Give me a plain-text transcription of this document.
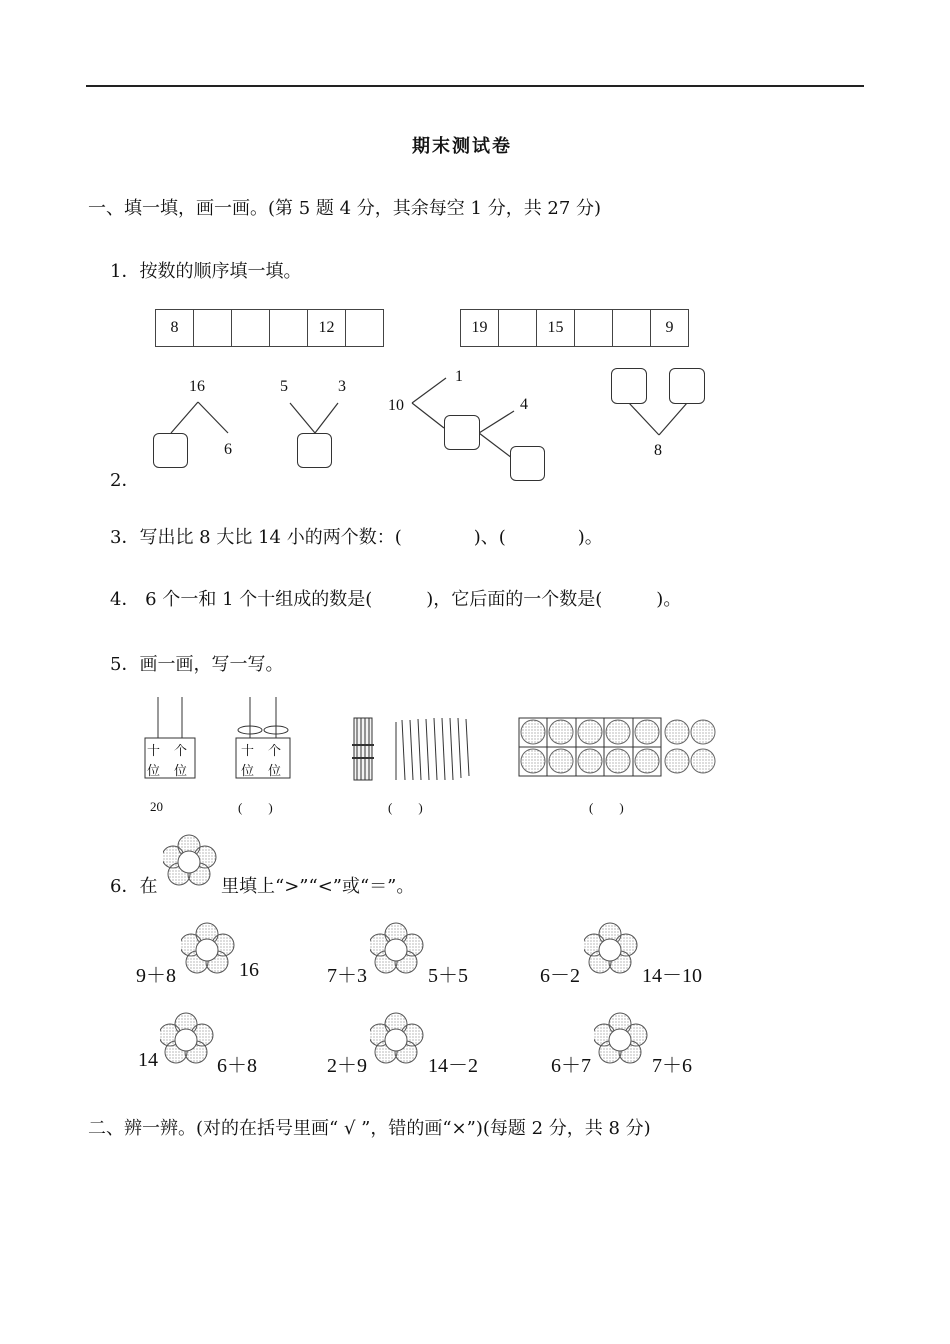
期末测试卷
一、填一填，画一画。(第 5 题 4 分，其余每空 1 分，共 27 分)
1．按数的顺序填一填。
8	12	19	15	9
2．
16
6
5	3
1
10	4
8
3．写出比 8 大比 14 小的两个数：(　　　　)、(　　　　)。
4． 6 个一和 1 个十组成的数是(　　　)，它后面的一个数是(　　　)。
5．画一画，写一写。
十 个
位 位
十 个
位 位
20	(　　)	(　　)	(　　)
6．在	里填上“>”“<”或“＝”。
9＋8	16	7＋3	5＋5	6－2	14－10
14	6＋8	2＋9	14－2	6＋7	7＋6
二、辨一辨。(对的在括号里画“ √ ”，错的画“×”)(每题 2 分，共 8 分)
